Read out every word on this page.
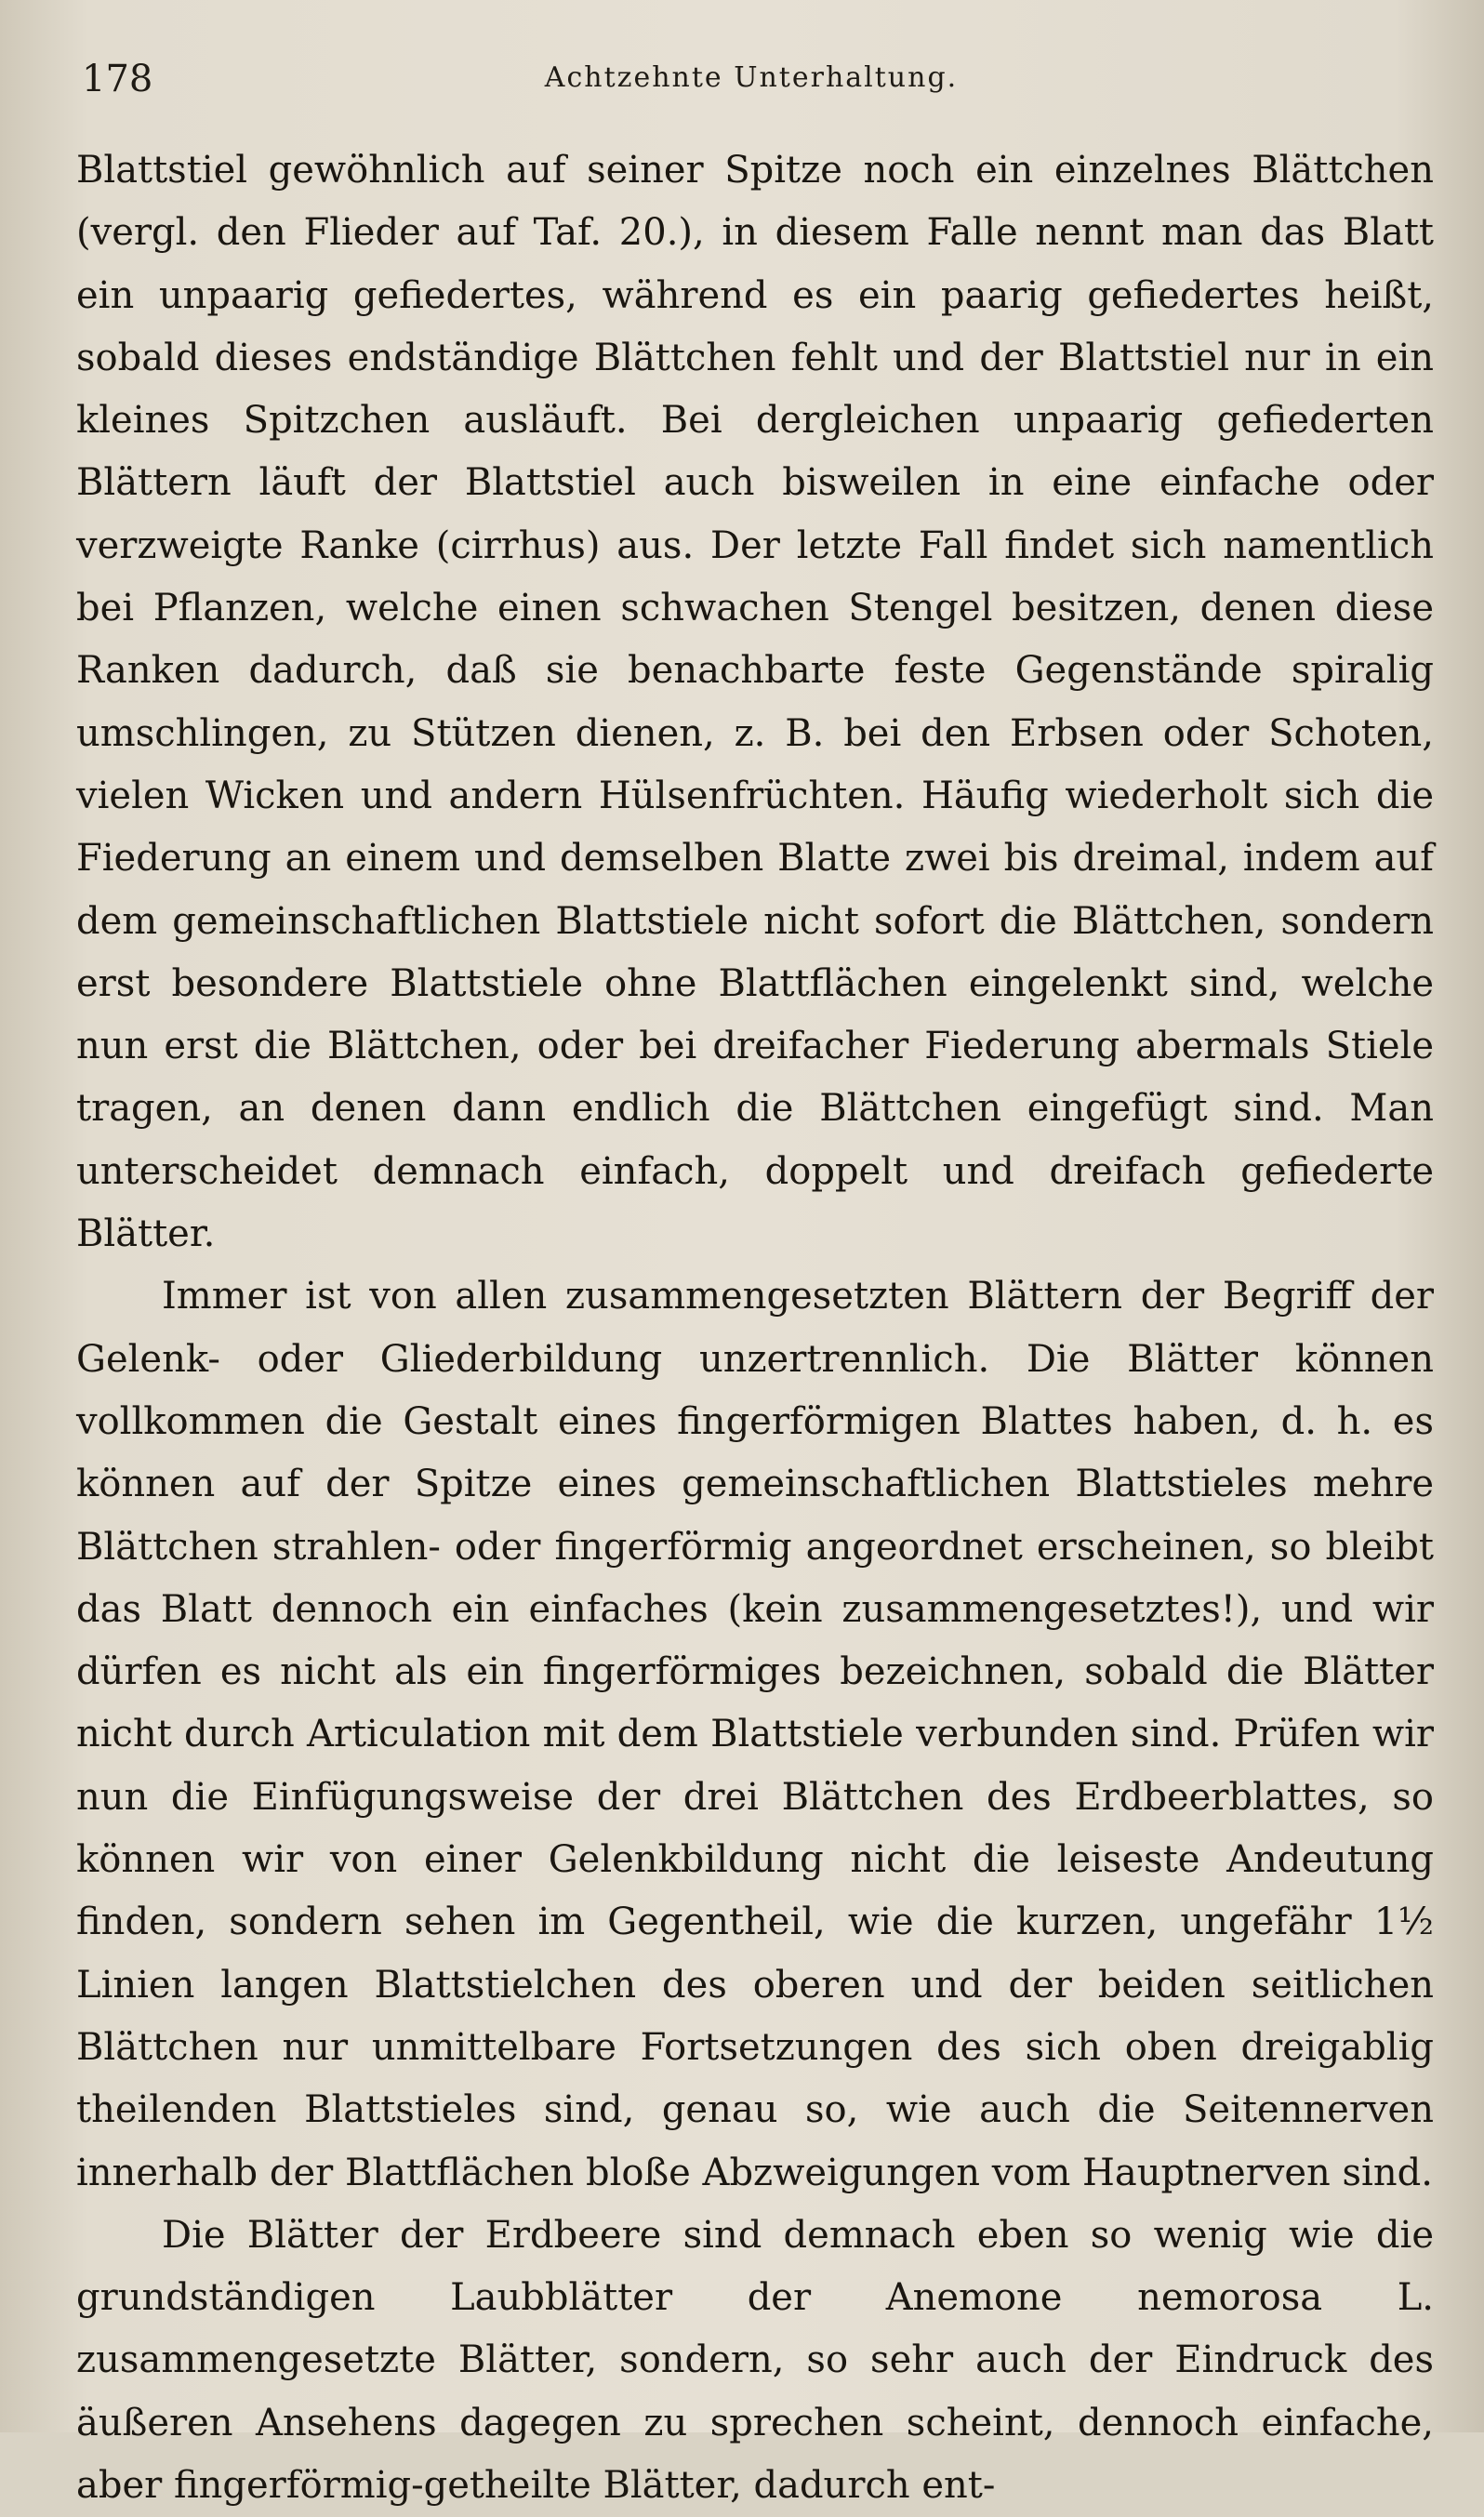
178	Achtzehnte Unterhaltung.

Blattstiel gewöhnlich auf seiner Spitze noch ein einzelnes Blättchen (vergl. den Flieder auf Taf. 20.), in diesem Falle nennt man das Blatt ein unpaarig gefiedertes, während es ein paarig gefiedertes heißt, sobald dieses endständige Blättchen fehlt und der Blattstiel nur in ein kleines Spitzchen ausläuft. Bei dergleichen unpaarig gefiederten Blättern läuft der Blattstiel auch bisweilen in eine einfache oder verzweigte Ranke (cirrhus) aus. Der letzte Fall findet sich namentlich bei Pflanzen, welche einen schwachen Stengel besitzen, denen diese Ranken dadurch, daß sie benachbarte feste Gegenstände spiralig umschlingen, zu Stützen dienen, z. B. bei den Erbsen oder Schoten, vielen Wicken und andern Hülsenfrüchten. Häufig wiederholt sich die Fiederung an einem und demselben Blatte zwei bis dreimal, indem auf dem gemeinschaftlichen Blattstiele nicht sofort die Blättchen, sondern erst besondere Blattstiele ohne Blattflächen eingelenkt sind, welche nun erst die Blättchen, oder bei dreifacher Fiederung abermals Stiele tragen, an denen dann endlich die Blättchen eingefügt sind. Man unterscheidet demnach einfach, doppelt und dreifach gefiederte Blätter.

Immer ist von allen zusammengesetzten Blättern der Begriff der Gelenk- oder Gliederbildung unzertrennlich. Die Blätter können vollkommen die Gestalt eines fingerförmigen Blattes haben, d. h. es können auf der Spitze eines gemeinschaftlichen Blattstieles mehre Blättchen strahlen- oder fingerförmig angeordnet erscheinen, so bleibt das Blatt dennoch ein einfaches (kein zusammengesetztes!), und wir dürfen es nicht als ein fingerförmiges bezeichnen, sobald die Blätter nicht durch Articulation mit dem Blattstiele verbunden sind. Prüfen wir nun die Einfügungsweise der drei Blättchen des Erdbeerblattes, so können wir von einer Gelenkbildung nicht die leiseste Andeutung finden, sondern sehen im Gegentheil, wie die kurzen, ungefähr 1½ Linien langen Blattstielchen des oberen und der beiden seitlichen Blättchen nur unmittelbare Fortsetzungen des sich oben dreigablig theilenden Blattstieles sind, genau so, wie auch die Seitennerven innerhalb der Blattflächen bloße Abzweigungen vom Hauptnerven sind.

Die Blätter der Erdbeere sind demnach eben so wenig wie die grundständigen Laubblätter der Anemone nemorosa L. zusammengesetzte Blätter, sondern, so sehr auch der Eindruck des äußeren Ansehens dagegen zu sprechen scheint, dennoch einfache, aber fingerförmig-getheilte Blätter, dadurch ent-
